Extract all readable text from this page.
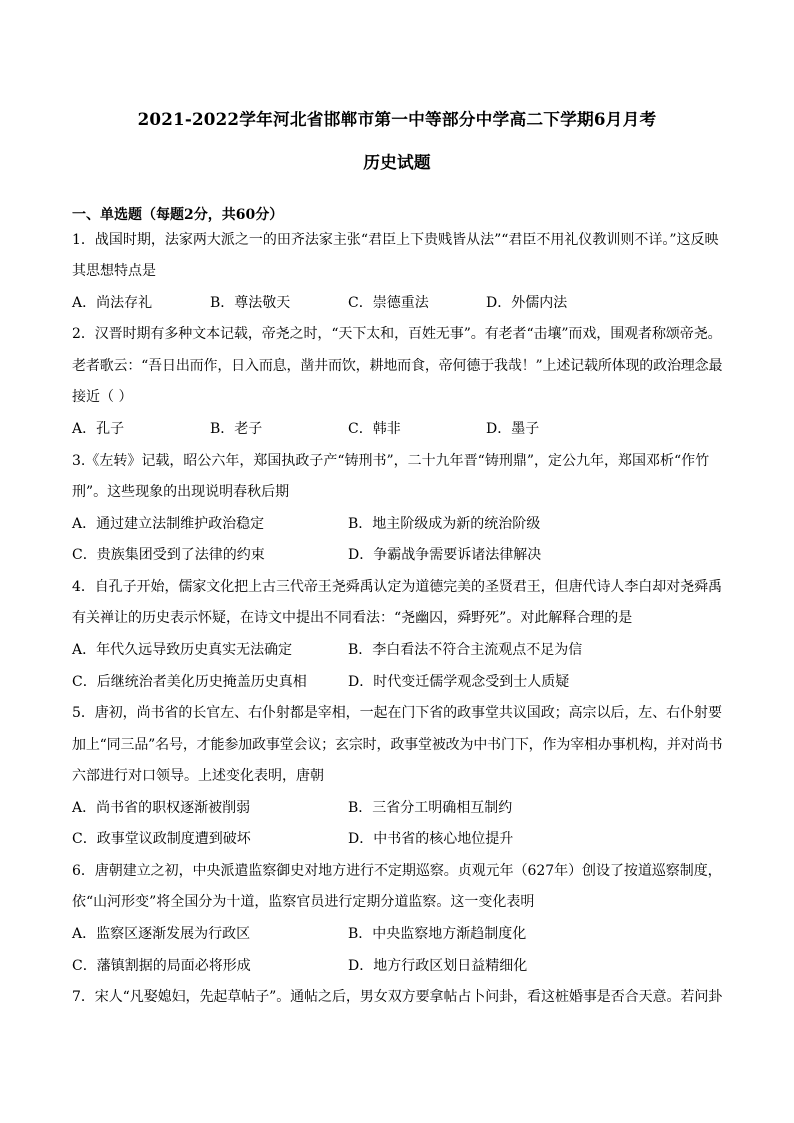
2021-2022学年河北省邯郸市第一中等部分中学高二下学期6月月考
历史试题
一、单选题（每题2分，共60分）
1．战国时期，法家两大派之一的田齐法家主张“君臣上下贵贱皆从法”“君臣不用礼仪教训则不详。”这反映
其思想特点是
A．尚法存礼	B．尊法敬天	C．崇德重法	D．外儒内法
2．汉晋时期有多种文本记载，帝尧之时，“天下太和，百姓无事”。有老者“击壤”而戏，围观者称颂帝尧。
老者歌云：“吾日出而作，日入而息，凿井而饮，耕地而食，帝何德于我哉！”上述记载所体现的政治理念最
接近（ ）
A．孔子	B．老子	C．韩非	D．墨子
3.《左转》记载，昭公六年，郑国执政子产“铸刑书”，二十九年晋“铸刑鼎”，定公九年，郑国邓析“作竹
刑”。这些现象的出现说明春秋后期
A．通过建立法制维护政治稳定	B．地主阶级成为新的统治阶级
C．贵族集团受到了法律的约束	D．争霸战争需要诉诸法律解决
4．自孔子开始，儒家文化把上古三代帝王尧舜禹认定为道德完美的圣贤君王，但唐代诗人李白却对尧舜禹
有关禅让的历史表示怀疑，在诗文中提出不同看法：“尧幽囚，舜野死”。对此解释合理的是
A．年代久远导致历史真实无法确定	B．李白看法不符合主流观点不足为信
C．后继统治者美化历史掩盖历史真相	D．时代变迁儒学观念受到士人质疑
5．唐初，尚书省的长官左、右仆射都是宰相，一起在门下省的政事堂共议国政；高宗以后，左、右仆射要
加上“同三品”名号，才能参加政事堂会议；玄宗时，政事堂被改为中书门下，作为宰相办事机构，并对尚书
六部进行对口领导。上述变化表明，唐朝
A．尚书省的职权逐渐被削弱	B．三省分工明确相互制约
C．政事堂议政制度遭到破坏	D．中书省的核心地位提升
6．唐朝建立之初，中央派遣监察御史对地方进行不定期巡察。贞观元年（627年）创设了按道巡察制度，
依“山河形变”将全国分为十道，监察官员进行定期分道监察。这一变化表明
A．监察区逐渐发展为行政区	B．中央监察地方渐趋制度化
C．藩镇割据的局面必将形成	D．地方行政区划日益精细化
7．宋人“凡娶媳妇，先起草帖子”。通帖之后，男女双方要拿帖占卜问卦，看这桩婚事是否合天意。若问卦
